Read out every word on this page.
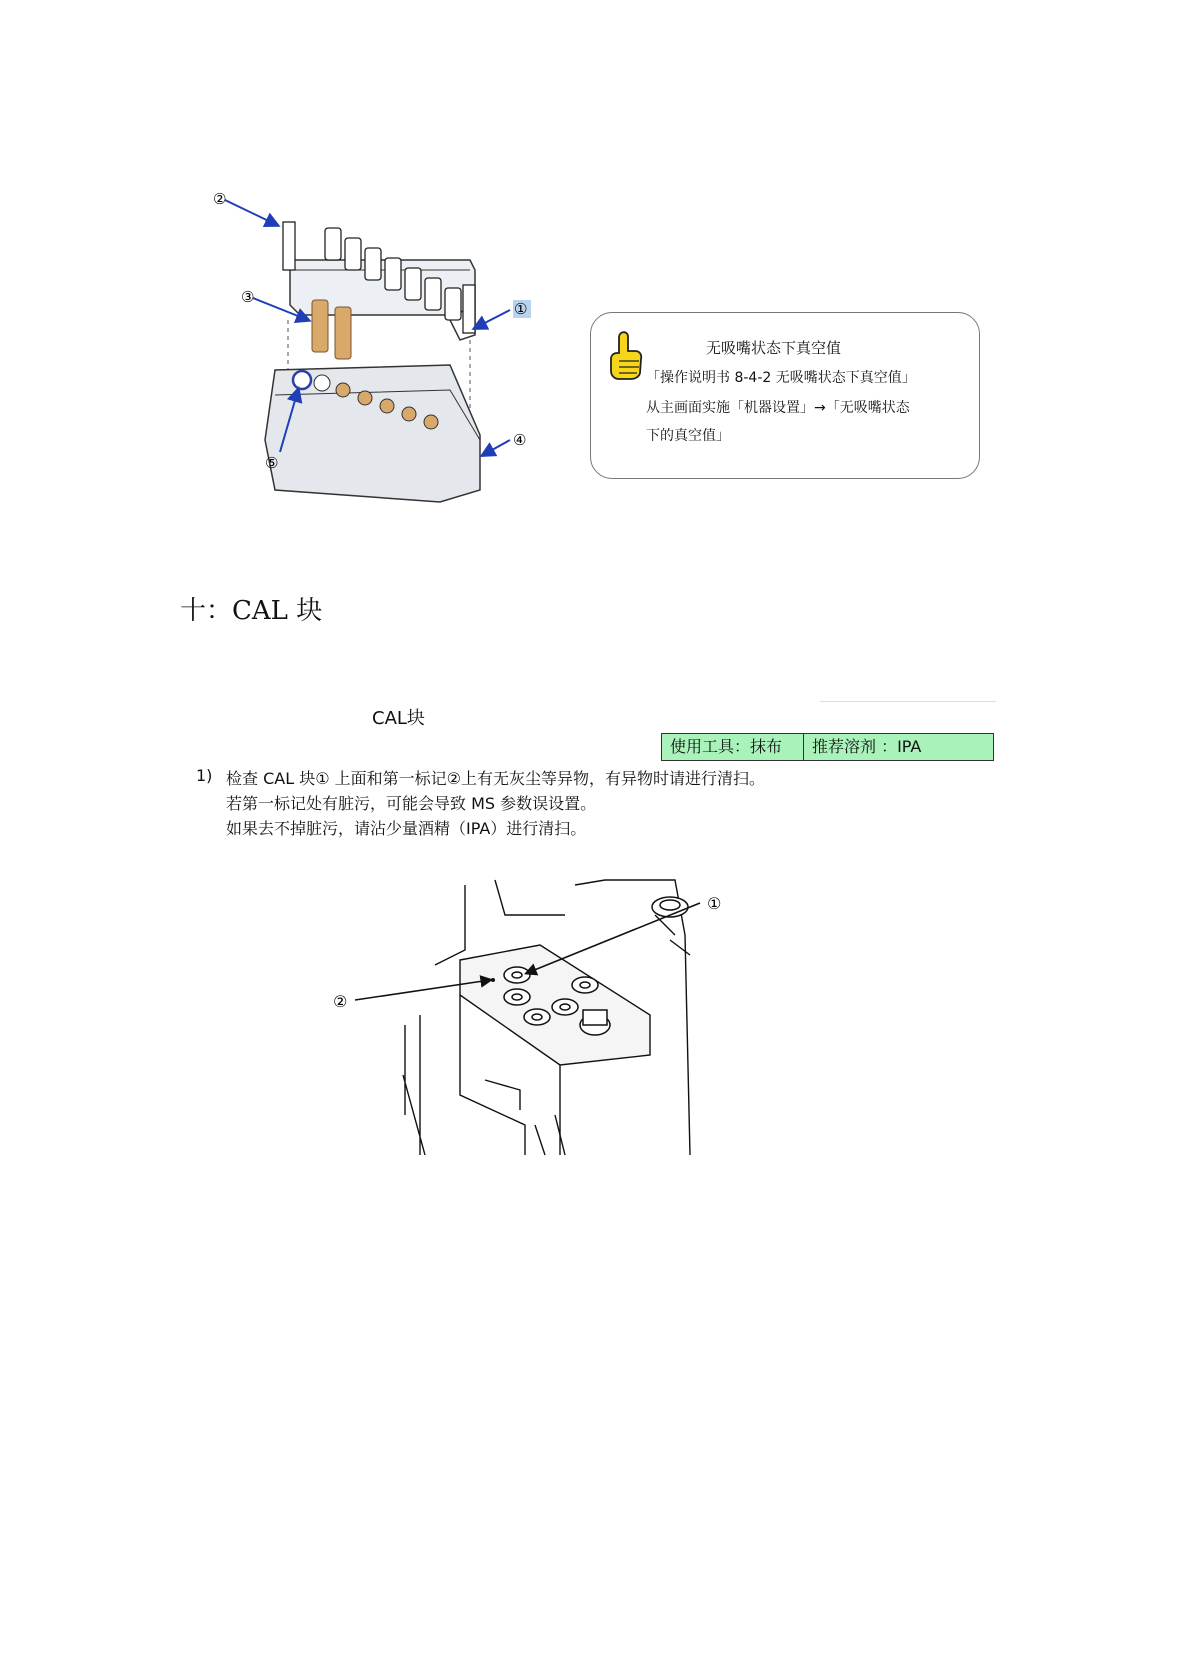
②
③
①
⑤
④
无吸嘴状态下真空值
「操作说明书 8-4-2 无吸嘴状态下真空值」
从主画面实施「机器设置」→「无吸嘴状态
下的真空值」
十：CAL 块
CAL块
使用工具：抹布	推荐溶剂 ：IPA
1) 检查 CAL 块① 上面和第一标记②上有无灰尘等异物，有异物时请进行清扫。
若第一标记处有脏污，可能会导致 MS 参数误设置。
如果去不掉脏污，请沾少量酒精（IPA）进行清扫。
①
②
